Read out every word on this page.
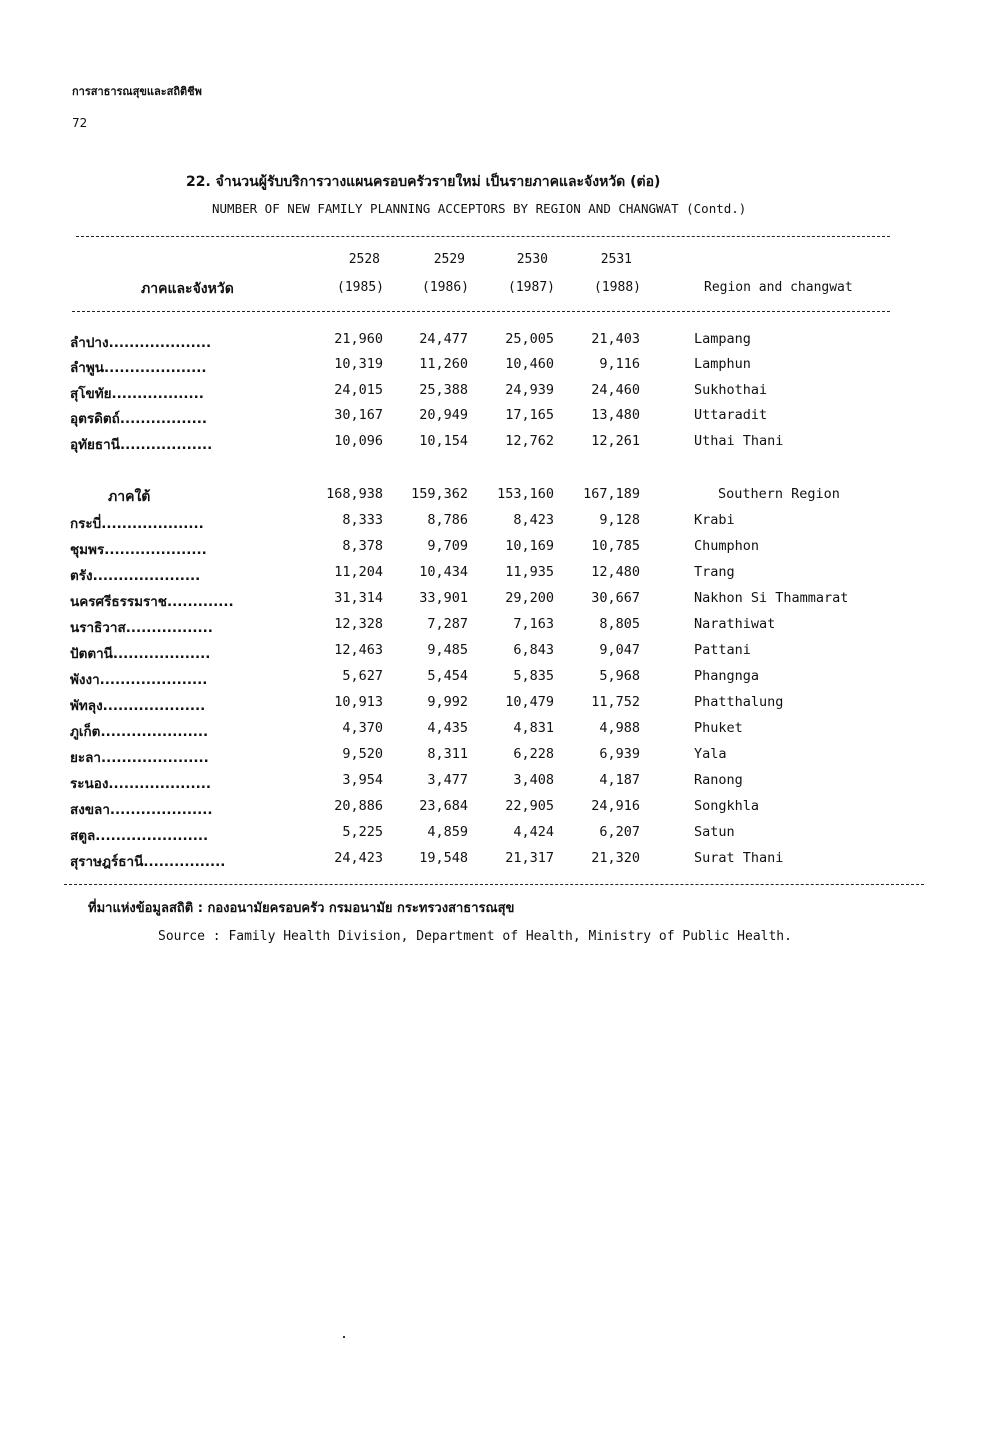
การสาธารณสุขและสถิติชีพ
72
22. จำนวนผู้รับบริการวางแผนครอบครัวรายใหม่ เป็นรายภาคและจังหวัด (ต่อ)
NUMBER OF NEW FAMILY PLANNING ACCEPTORS BY REGION AND CHANGWAT (Contd.)
2528	2529	2530	2531
(1985)	(1986)	(1987)	(1988)
ภาคและจังหวัด	Region and changwat
ลำปาง....................	21,960	24,477	25,005	21,403	Lampang
ลำพูน....................	10,319	11,260	10,460	9,116	Lamphun
สุโขทัย..................	24,015	25,388	24,939	24,460	Sukhothai
อุตรดิตถ์.................	30,167	20,949	17,165	13,480	Uttaradit
อุทัยธานี..................	10,096	10,154	12,762	12,261	Uthai Thani
ภาคใต้	168,938	159,362	153,160	167,189	Southern Region
กระบี่....................	8,333	8,786	8,423	9,128	Krabi
ชุมพร....................	8,378	9,709	10,169	10,785	Chumphon
ตรัง.....................	11,204	10,434	11,935	12,480	Trang
นครศรีธรรมราช.............	31,314	33,901	29,200	30,667	Nakhon Si Thammarat
นราธิวาส.................	12,328	7,287	7,163	8,805	Narathiwat
ปัตตานี...................	12,463	9,485	6,843	9,047	Pattani
พังงา.....................	5,627	5,454	5,835	5,968	Phangnga
พัทลุง....................	10,913	9,992	10,479	11,752	Phatthalung
ภูเก็ต.....................	4,370	4,435	4,831	4,988	Phuket
ยะลา.....................	9,520	8,311	6,228	6,939	Yala
ระนอง....................	3,954	3,477	3,408	4,187	Ranong
สงขลา....................	20,886	23,684	22,905	24,916	Songkhla
สตูล......................	5,225	4,859	4,424	6,207	Satun
สุราษฎร์ธานี................	24,423	19,548	21,317	21,320	Surat Thani
ที่มาแห่งข้อมูลสถิติ : กองอนามัยครอบครัว กรมอนามัย กระทรวงสาธารณสุข
Source : Family Health Division, Department of Health, Ministry of Public Health.
